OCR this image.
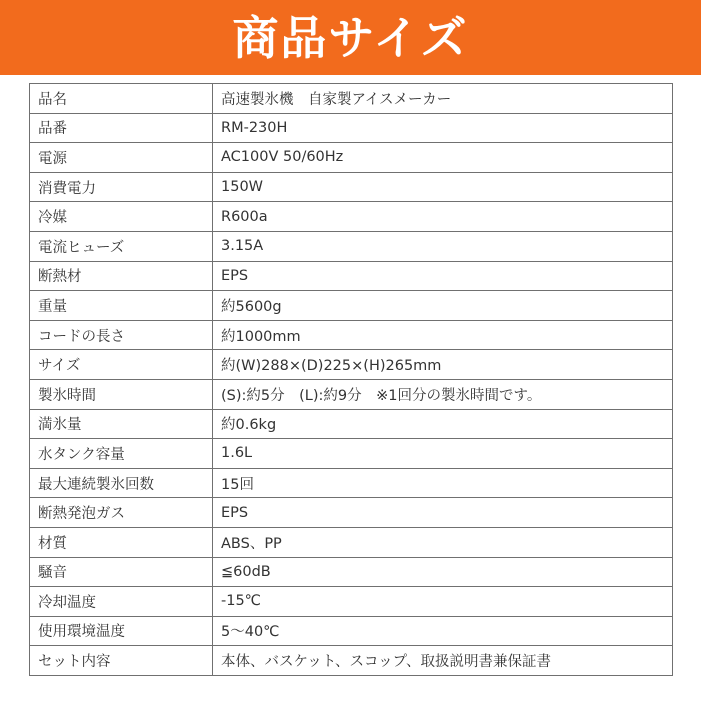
商品サイズ
品名	高速製氷機　自家製アイスメーカー
品番	RM-230H
電源	AC100V 50/60Hz
消費電力	150W
冷媒	R600a
電流ヒューズ	3.15A
断熱材	EPS
重量	約5600g
コードの長さ	約1000mm
サイズ	約(W)288×(D)225×(H)265mm
製氷時間	(S):約5分　(L):約9分　※1回分の製氷時間です。
満氷量	約0.6kg
水タンク容量	1.6L
最大連続製氷回数	15回
断熱発泡ガス	EPS
材質	ABS、PP
騒音	≦60dB
冷却温度	-15℃
使用環境温度	5〜40℃
セット内容	本体、バスケット、スコップ、取扱説明書兼保証書
